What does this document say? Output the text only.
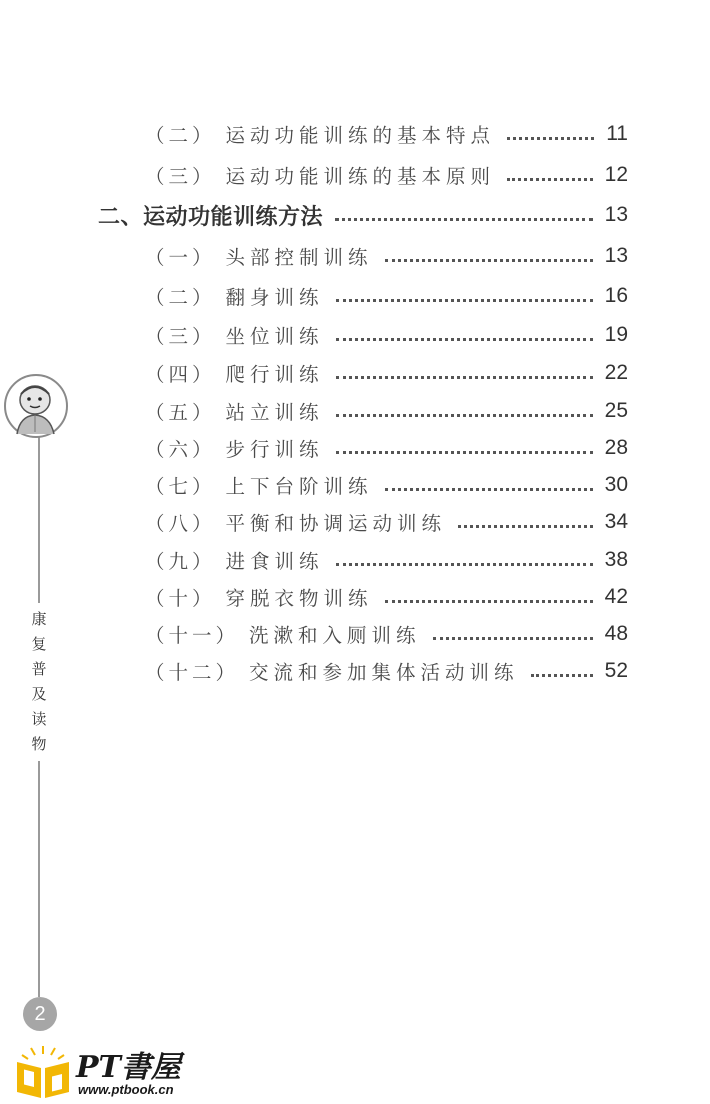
（二） 运动功能训练的基本特点	11
（三） 运动功能训练的基本原则	12
二、运动功能训练方法	13
（一） 头部控制训练	13
（二） 翻身训练	16
（三） 坐位训练	19
（四） 爬行训练	22
（五） 站立训练	25
（六） 步行训练	28
（七） 上下台阶训练	30
（八） 平衡和协调运动训练	34
（九） 进食训练	38
（十） 穿脱衣物训练	42
（十一） 洗漱和入厕训练	48
（十二） 交流和参加集体活动训练	52
康
复
普
及
读
物
2
PT書屋
www.ptbook.cn
